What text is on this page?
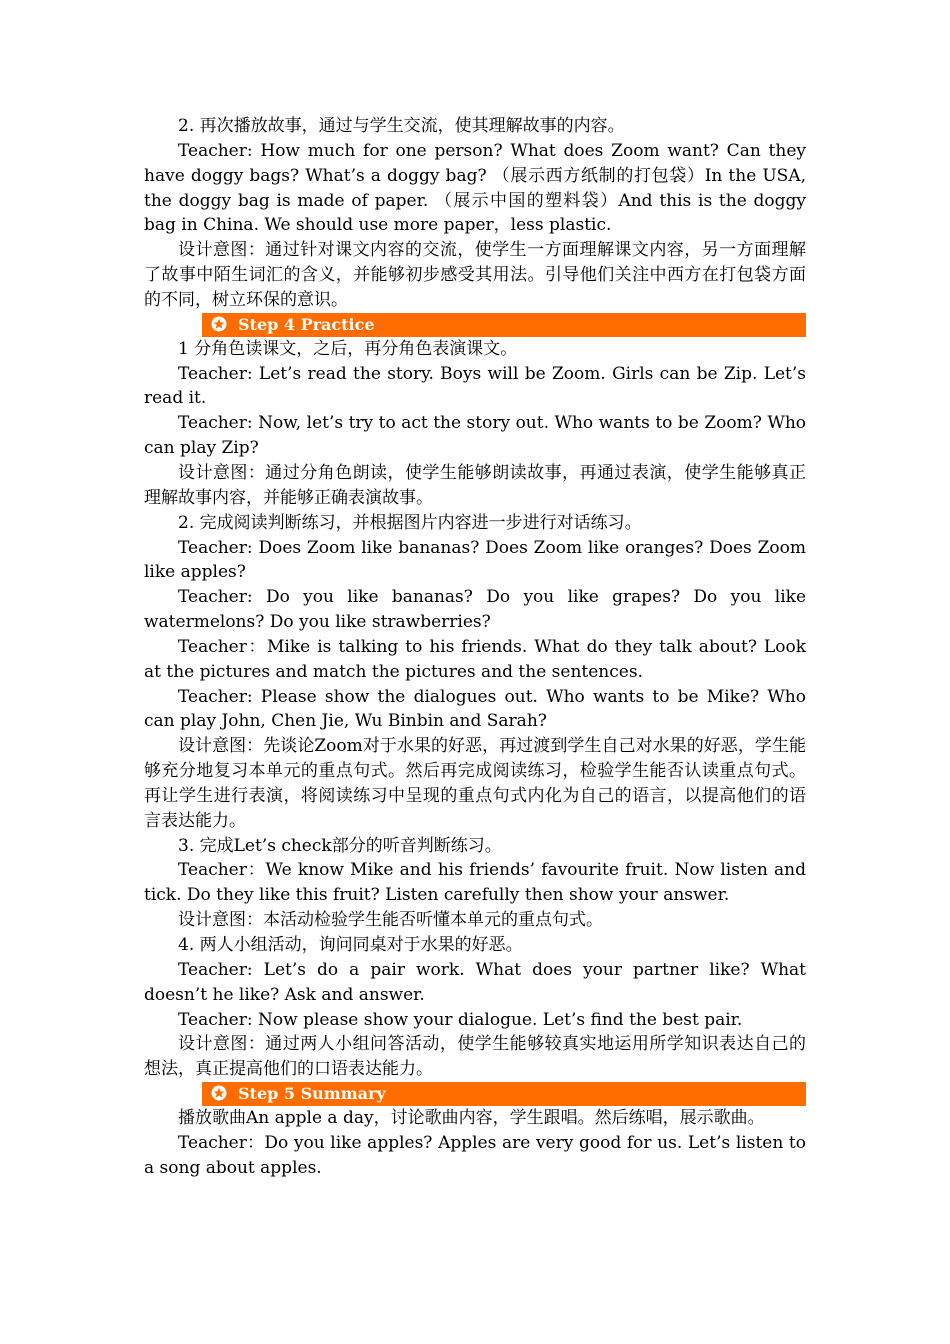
2. 再次播放故事，通过与学生交流，使其理解故事的内容。

Teacher: How much for one person? What does Zoom want? Can they have doggy bags? What’s a doggy bag? （展示西方纸制的打包袋）In the USA, the doggy bag is made of paper. （展示中国的塑料袋）And this is the doggy bag in China. We should use more paper，less plastic.

设计意图：通过针对课文内容的交流，使学生一方面理解课文内容，另一方面理解了故事中陌生词汇的含义，并能够初步感受其用法。引导他们关注中西方在打包袋方面的不同，树立环保的意识。

Step 4 Practice

1 分角色读课文，之后，再分角色表演课文。

Teacher: Let’s read the story. Boys will be Zoom. Girls can be Zip. Let’s read it.

Teacher: Now, let’s try to act the story out. Who wants to be Zoom? Who can play Zip?

设计意图：通过分角色朗读，使学生能够朗读故事，再通过表演，使学生能够真正理解故事内容，并能够正确表演故事。

2. 完成阅读判断练习，并根据图片内容进一步进行对话练习。

Teacher: Does Zoom like bananas? Does Zoom like oranges? Does Zoom like apples?

Teacher: Do you like bananas? Do you like grapes? Do you like watermelons? Do you like strawberries?

Teacher：Mike is talking to his friends. What do they talk about? Look at the pictures and match the pictures and the sentences.

Teacher: Please show the dialogues out. Who wants to be Mike? Who can play John, Chen Jie, Wu Binbin and Sarah?

设计意图：先谈论Zoom对于水果的好恶，再过渡到学生自己对水果的好恶，学生能够充分地复习本单元的重点句式。然后再完成阅读练习，检验学生能否认读重点句式。再让学生进行表演，将阅读练习中呈现的重点句式内化为自己的语言，以提高他们的语言表达能力。

3. 完成Let’s check部分的听音判断练习。

Teacher：We know Mike and his friends’ favourite fruit. Now listen and tick. Do they like this fruit? Listen carefully then show your answer.

设计意图：本活动检验学生能否听懂本单元的重点句式。

4. 两人小组活动，询问同桌对于水果的好恶。

Teacher: Let’s do a pair work. What does your partner like? What doesn’t he like? Ask and answer.

Teacher: Now please show your dialogue. Let’s find the best pair.

设计意图：通过两人小组问答活动，使学生能够较真实地运用所学知识表达自己的想法，真正提高他们的口语表达能力。

Step 5 Summary

播放歌曲An apple a day，讨论歌曲内容，学生跟唱。然后练唱，展示歌曲。

Teacher：Do you like apples? Apples are very good for us. Let’s listen to a song about apples.
